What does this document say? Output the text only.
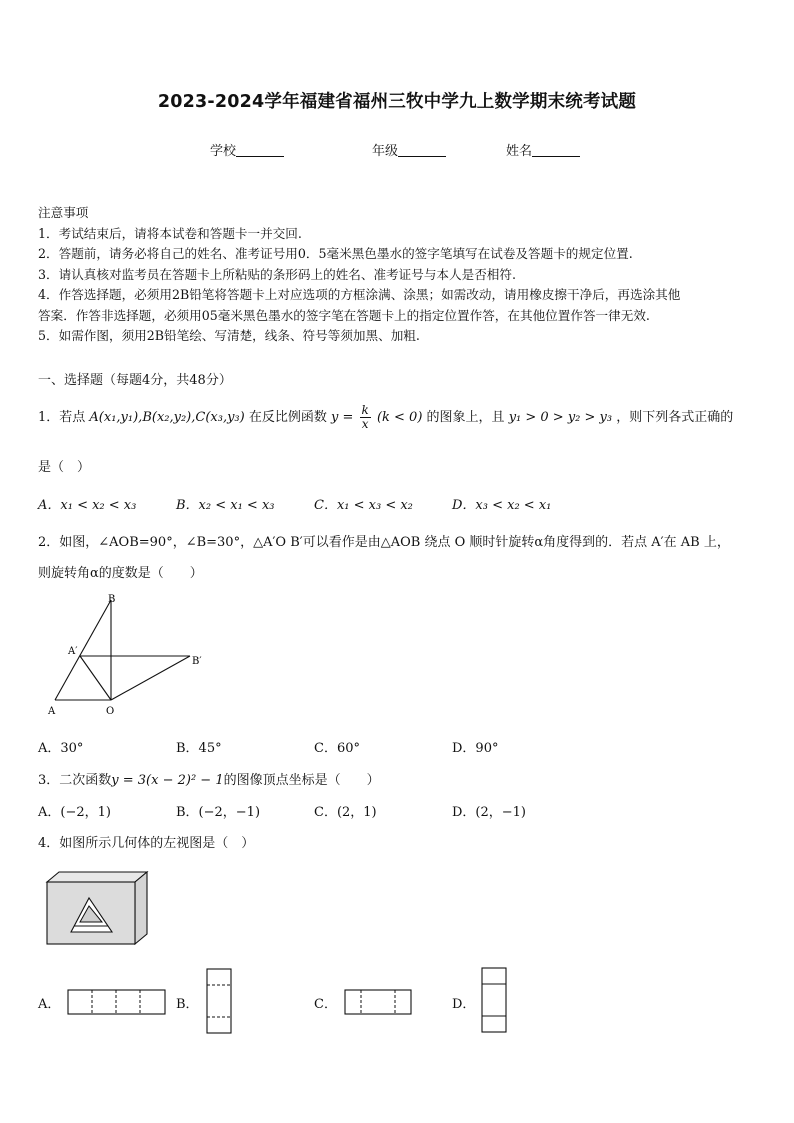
2023-2024学年福建省福州三牧中学九上数学期末统考试题
学校	年级	姓名

注意事项

1．考试结束后，请将本试卷和答题卡一并交回.

2．答题前，请务必将自己的姓名、准考证号用0．5毫米黑色墨水的签字笔填写在试卷及答题卡的规定位置.

3．请认真核对监考员在答题卡上所粘贴的条形码上的姓名、准考证号与本人是否相符.

4．作答选择题，必须用2B铅笔将答题卡上对应选项的方框涂满、涂黑；如需改动，请用橡皮擦干净后，再选涂其他

答案．作答非选择题，必须用05毫米黑色墨水的签字笔在答题卡上的指定位置作答，在其他位置作答一律无效.

5．如需作图，须用2B铅笔绘、写清楚，线条、符号等须加黑、加粗.

一、选择题（每题4分，共48分）
1．若点 A(x₁,y₁),B(x₂,y₂),C(x₃,y₃) 在反比例函数 $y = \frac{k}{x} (k < 0)$ 的图象上，且 y₁ > 0 > y₂ > y₃ ，则下列各式正确的
是（　）
A．x₁ < x₂ < x₃	B．x₂ < x₁ < x₃	C．x₁ < x₃ < x₂	D．x₃ < x₂ < x₁
2．如图，∠AOB=90°，∠B=30°，△A′O B′可以看作是由△AOB 绕点 O 顺时针旋转α角度得到的．若点 A′在 AB 上，
则旋转角α的度数是（　　）
B
A′
B′
A	O
A．30°	B．45°	C．60°	D．90°
3．二次函数y = 3(x − 2)² − 1的图像顶点坐标是（　　）
A．(−2，1)	B．(−2，−1)	C．(2，1)	D．(2，−1)
4．如图所示几何体的左视图是（　）
A．	B．	C．	D．
